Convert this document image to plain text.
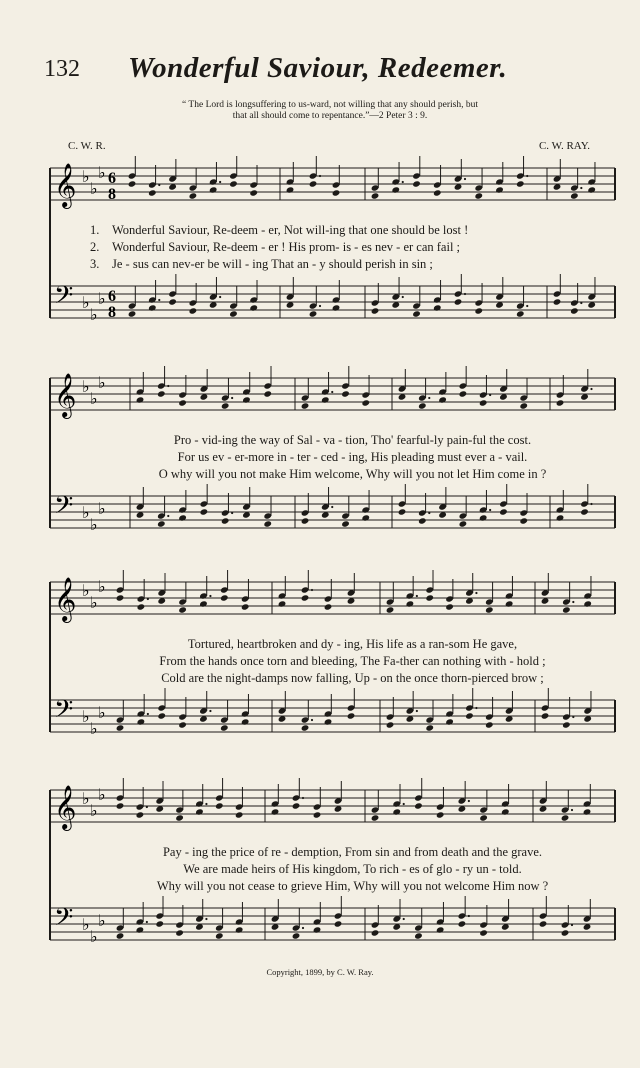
132 Wonderful Saviour, Redeemer.
“ The Lord is longsuffering to us-ward, not willing that any should perish, but
that all should come to repentance.”—2 Peter 3 : 9.
C. W. R.	C. W. RAY.
𝄞
𝄢
♭
♭
♭
♭
♭
♭
6
8
6
8
1.	Wonderful Saviour, Re-deem - er, Not will-ing that one should be lost !
2.	Wonderful Saviour, Re-deem - er ! His prom- is - es nev - er can fail ;
3.	Je - sus can nev-er be will - ing That an - y should perish in sin ;
𝄞
𝄢
♭
♭
♭
♭
♭
♭
Pro - vid-ing the way of Sal - va - tion, Tho' fearful-ly pain-ful the cost.
For us ev - er-more in - ter - ced - ing, His pleading must ever a - vail.
O why will you not make Him welcome, Why will you not let Him come in ?
𝄞
𝄢
♭
♭
♭
♭
♭
♭
Tortured, heartbroken and dy - ing, His life as a ran-som He gave,
From the hands once torn and bleeding, The Fa-ther can nothing with - hold ;
Cold are the night-damps now falling, Up - on the once thorn-pierced brow ;
𝄞
𝄢
♭
♭
♭
♭
♭
♭
Pay - ing the price of re - demption, From sin and from death and the grave.
We are made heirs of His kingdom, To rich - es of glo - ry un - told.
Why will you not cease to grieve Him, Why will you not welcome Him now ?
Copyright, 1899, by C. W. Ray.
